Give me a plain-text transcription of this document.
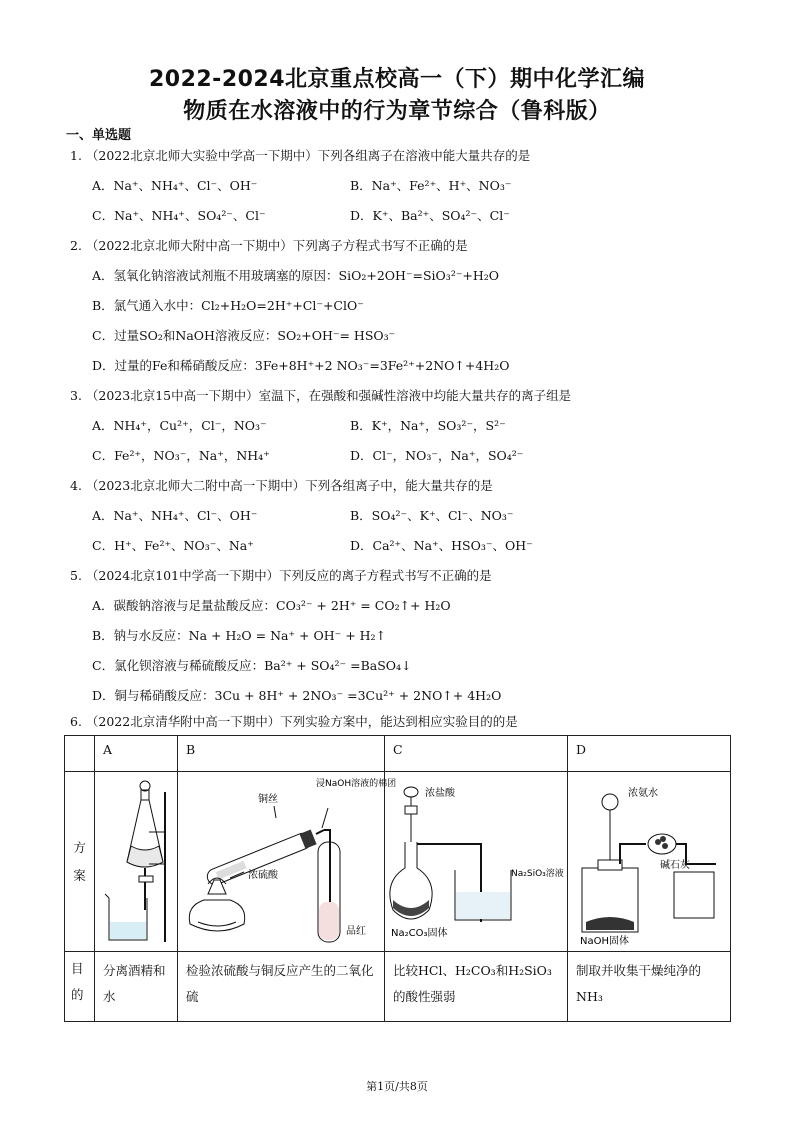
2022-2024北京重点校高一（下）期中化学汇编
物质在水溶液中的行为章节综合（鲁科版）
一、单选题
1. （2022北京北师大实验中学高一下期中）下列各组离子在溶液中能大量共存的是
A．Na⁺、NH₄⁺、Cl⁻、OH⁻	B．Na⁺、Fe²⁺、H⁺、NO₃⁻
C．Na⁺、NH₄⁺、SO₄²⁻、Cl⁻	D．K⁺、Ba²⁺、SO₄²⁻、Cl⁻
2. （2022北京北师大附中高一下期中）下列离子方程式书写不正确的是
A．氢氧化钠溶液试剂瓶不用玻璃塞的原因：SiO₂+2OH⁻=SiO₃²⁻+H₂O
B．氯气通入水中：Cl₂+H₂O=2H⁺+Cl⁻+ClO⁻
C．过量SO₂和NaOH溶液反应：SO₂+OH⁻= HSO₃⁻
D．过量的Fe和稀硝酸反应：3Fe+8H⁺+2 NO₃⁻=3Fe²⁺+2NO↑+4H₂O
3. （2023北京15中高一下期中）室温下，在强酸和强碱性溶液中均能大量共存的离子组是
A．NH₄⁺，Cu²⁺，Cl⁻，NO₃⁻	B．K⁺，Na⁺，SO₃²⁻，S²⁻
C．Fe²⁺，NO₃⁻，Na⁺，NH₄⁺	D．Cl⁻，NO₃⁻，Na⁺，SO₄²⁻
4. （2023北京北师大二附中高一下期中）下列各组离子中，能大量共存的是
A．Na⁺、NH₄⁺、Cl⁻、OH⁻	B．SO₄²⁻、K⁺、Cl⁻、NO₃⁻
C．H⁺、Fe²⁺、NO₃⁻、Na⁺	D．Ca²⁺、Na⁺、HSO₃⁻、OH⁻
5. （2024北京101中学高一下期中）下列反应的离子方程式书写不正确的是
A．碳酸钠溶液与足量盐酸反应：CO₃²⁻ + 2H⁺ = CO₂↑+ H₂O
B．钠与水反应：Na + H₂O = Na⁺ + OH⁻ + H₂↑
C．氯化钡溶液与稀硫酸反应：Ba²⁺ + SO₄²⁻ =BaSO₄↓
D．铜与稀硝酸反应：3Cu + 8H⁺ + 2NO₃⁻ =3Cu²⁺ + 2NO↑+ 4H₂O
6. （2022北京清华附中高一下期中）下列实验方案中，能达到相应实验目的的是
	A	B	C	D
方案		铜丝
浸NaOH溶液的棉团
品红
浓硫酸	浓盐酸
Na₂CO₃固体
Na₂SiO₃溶液	浓氨水
NaOH固体
碱石灰

目的	分离酒精和水	检验浓硫酸与铜反应产生的二氧化硫	比较HCl、H₂CO₃和H₂SiO₃的酸性强弱	制取并收集干燥纯净的NH₃
第1页/共8页
